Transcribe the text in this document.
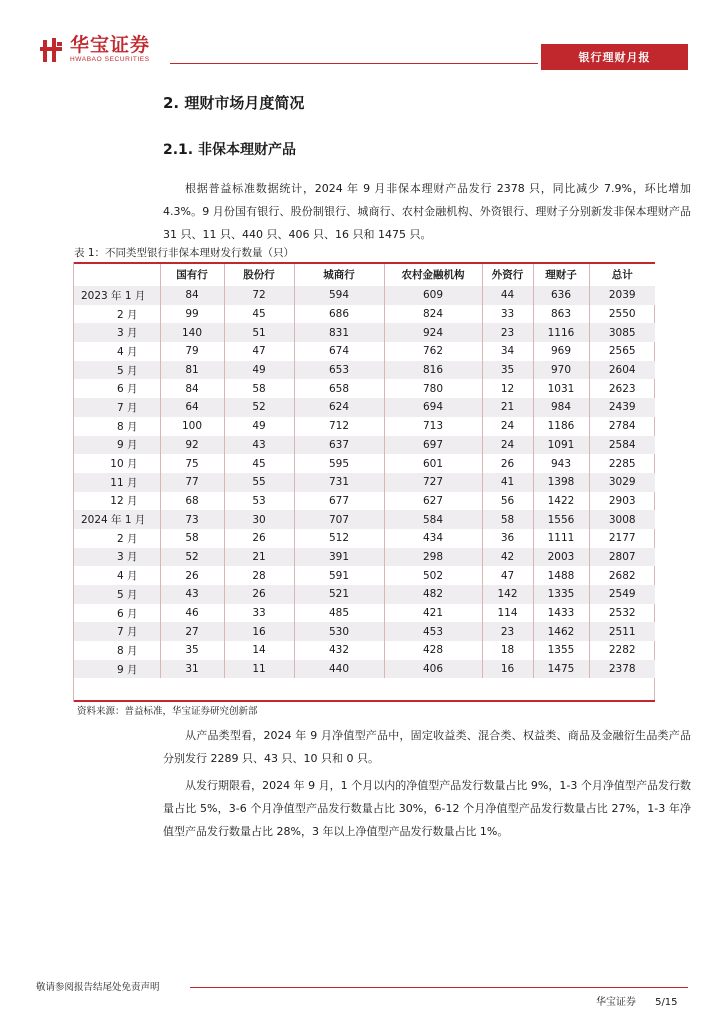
华宝证券
HWABAO SECURITIES	银行理财月报
2. 理财市场月度简况
2.1. 非保本理财产品

根据普益标准数据统计，2024 年 9 月非保本理财产品发行 2378 只，同比减少 7.9%，环比增加 4.3%。9 月份国有银行、股份制银行、城商行、农村金融机构、外资银行、理财子分别新发非保本理财产品 31 只、11 只、440 只、406 只、16 只和 1475 只。

表 1：不同类型银行非保本理财发行数量（只）
	国有行	股份行	城商行	农村金融机构	外资行	理财子	总计
2023 年 1 月	84	72	594	609	44	636	2039
2 月	99	45	686	824	33	863	2550
3 月	140	51	831	924	23	1116	3085
4 月	79	47	674	762	34	969	2565
5 月	81	49	653	816	35	970	2604
6 月	84	58	658	780	12	1031	2623
7 月	64	52	624	694	21	984	2439
8 月	100	49	712	713	24	1186	2784
9 月	92	43	637	697	24	1091	2584
10 月	75	45	595	601	26	943	2285
11 月	77	55	731	727	41	1398	3029
12 月	68	53	677	627	56	1422	2903
2024 年 1 月	73	30	707	584	58	1556	3008
2 月	58	26	512	434	36	1111	2177
3 月	52	21	391	298	42	2003	2807
4 月	26	28	591	502	47	1488	2682
5 月	43	26	521	482	142	1335	2549
6 月	46	33	485	421	114	1433	2532
7 月	27	16	530	453	23	1462	2511
8 月	35	14	432	428	18	1355	2282
9 月	31	11	440	406	16	1475	2378
资料来源：普益标准，华宝证券研究创新部

从产品类型看，2024 年 9 月净值型产品中，固定收益类、混合类、权益类、商品及金融衍生品类产品分别发行 2289 只、43 只、10 只和 0 只。

从发行期限看，2024 年 9 月，1 个月以内的净值型产品发行数量占比 9%，1-3 个月净值型产品发行数量占比 5%，3-6 个月净值型产品发行数量占比 30%，6-12 个月净值型产品发行数量占比 27%，1-3 年净值型产品发行数量占比 28%，3 年以上净值型产品发行数量占比 1%。

敬请参阅报告结尾处免责声明
华宝证券 5/15
